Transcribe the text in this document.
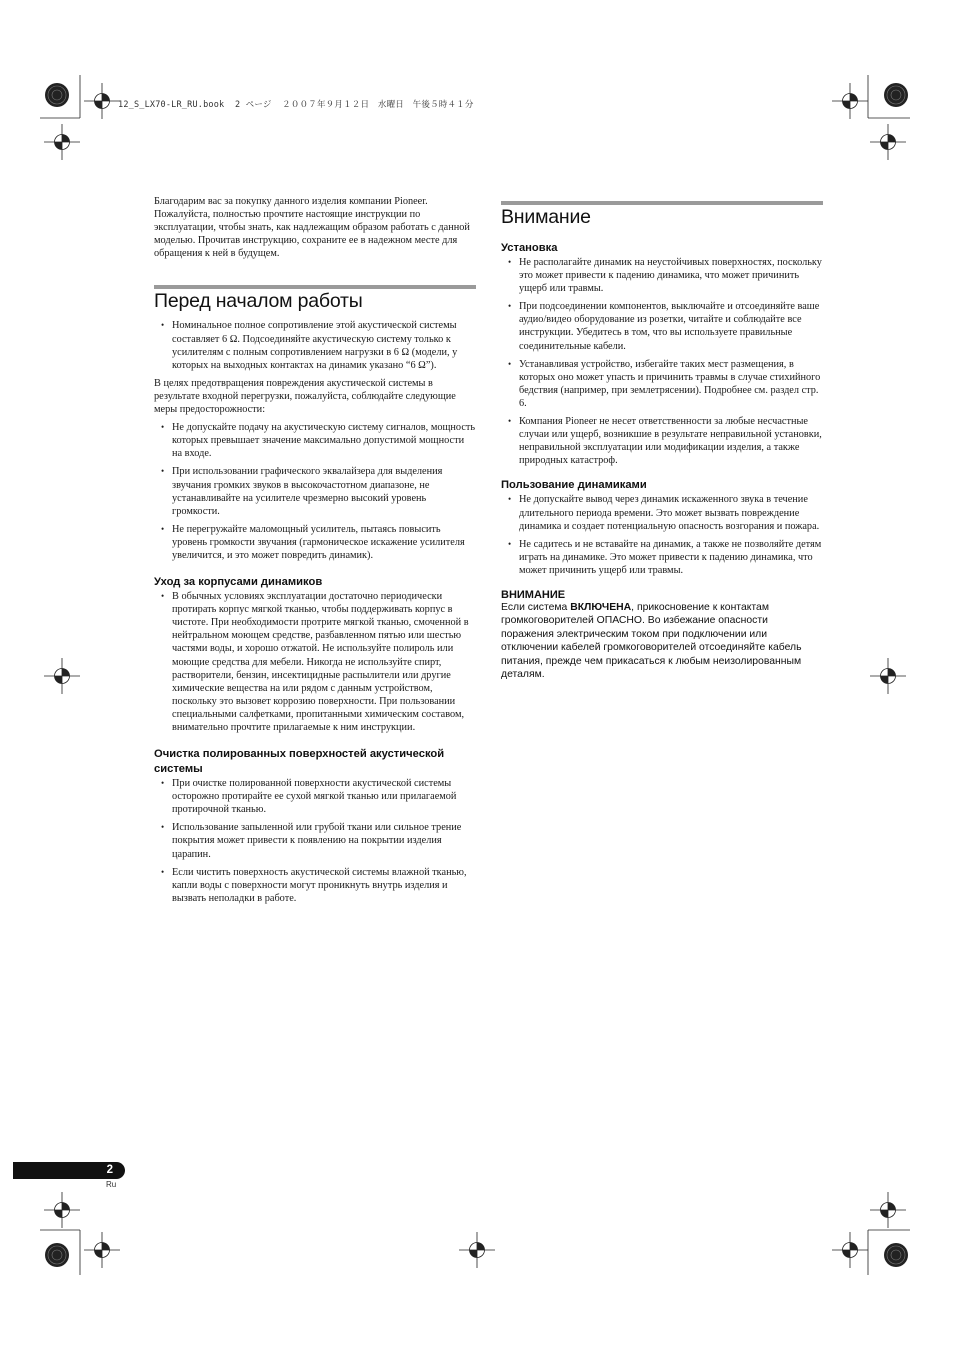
12_S_LX70-LR_RU.book  2 ページ  ２００７年９月１２日　水曜日　午後５時４１分

Благодарим вас за покупку данного изделия компании Pioneer. Пожалуйста, полностью прочтите настоящие инструкции по эксплуатации, чтобы знать, как надлежащим образом работать с данной моделью. Прочитав инструкцию, сохраните ее в надежном месте для обращения к ней в будущем.

Перед началом работы
• Номинальное полное сопротивление этой акустической системы составляет 6 Ω. Подсоединяйте акустическую систему только к усилителям с полным сопротивлением нагрузки в 6 Ω (модели, у которых на выходных контактах на динамик указано “6 Ω”).

В целях предотвращения повреждения акустической системы в результате входной перегрузки, пожалуйста, соблюдайте следующие меры предосторожности:

• Не допускайте подачу на акустическую систему сигналов, мощность которых превышает значение максимально допустимой мощности на входе.
• При использовании графического эквалайзера для выделения звучания громких звуков в высокочастотном диапазоне, не устанавливайте на усилителе чрезмерно высокий уровень громкости.
• Не перегружайте маломощный усилитель, пытаясь повысить уровень громкости звучания (гармоническое искажение усилителя увеличится, и это может повредить динамик).
Уход за корпусами динамиков
• В обычных условиях эксплуатации достаточно периодически протирать корпус мягкой тканью, чтобы поддерживать корпус в чистоте. При необходимости протрите мягкой тканью, смоченной в нейтральном моющем средстве, разбавленном пятью или шестью частями воды, и хорошо отжатой. Не используйте полироль или моющие средства для мебели. Никогда не используйте спирт, растворители, бензин, инсектицидные распылители или другие химические вещества на или рядом с данным устройством, поскольку это вызовет коррозию поверхности. При пользовании специальными салфетками, пропитанными химическим составом, внимательно прочтите прилагаемые к ним инструкции.
Очистка полированных поверхностей акустической системы
• При очистке полированной поверхности акустической системы осторожно протирайте ее сухой мягкой тканью или прилагаемой протирочной тканью.
• Использование запыленной или грубой ткани или сильное трение покрытия может привести к появлению на покрытии изделия царапин.
• Если чистить поверхность акустической системы влажной тканью, капли воды с поверхности могут проникнуть внутрь изделия и вызвать неполадки в работе.
Внимание
Установка
• Не располагайте динамик на неустойчивых поверхностях, поскольку это может привести к падению динамика, что может причинить ущерб или травмы.
• При подсоединении компонентов, выключайте и отсоединяйте ваше аудио/видео оборудование из розетки, читайте и соблюдайте все инструкции. Убедитесь в том, что вы используете правильные соединительные кабели.
• Устанавливая устройство, избегайте таких мест размещения, в которых оно может упасть и причинить травмы в случае стихийного бедствия (например, при землетрясении). Подробнее см. раздел стр. 6.
• Компания Pioneer не несет ответственности за любые несчастные случаи или ущерб, возникшие в результате неправильной установки, неправильной эксплуатации или модификации изделия, а также природных катастроф.
Пользование динамиками
• Не допускайте вывод через динамик искаженного звука в течение длительного периода времени. Это может вызвать повреждение динамика и создает потенциальную опасность возгорания и пожара.
• Не садитесь и не вставайте на динамик, а также не позволяйте детям играть на динамике. Это может привести к падению динамика, что может причинить ущерб или травмы.
ВНИМАНИЕ
Если система ВКЛЮЧЕНА, прикосновение к контактам громкоговорителей ОПАСНО. Во избежание опасности поражения электрическим током при подключении или отключении кабелей громкоговорителей отсоединяйте кабель питания, прежде чем прикасаться к любым неизолированным деталям.
2
Ru
